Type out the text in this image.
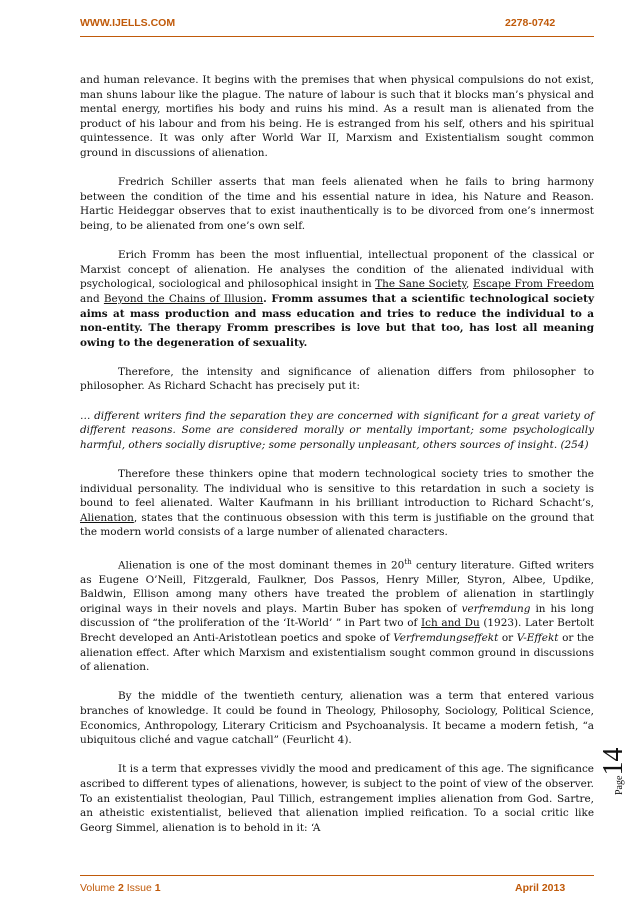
WWW.IJELLS.COM	2278-0742

and human relevance. It begins with the premises that when physical compulsions do not exist, man shuns labour like the plague. The nature of labour is such that it blocks man’s physical and mental energy, mortifies his body and ruins his mind. As a result man is alienated from the product of his labour and from his being. He is estranged from his self, others and his spiritual quintessence. It was only after World War II, Marxism and Existentialism sought common ground in discussions of alienation.

Fredrich Schiller asserts that man feels alienated when he fails to bring harmony between the condition of the time and his essential nature in idea, his Nature and Reason. Hartic Heideggar observes that to exist inauthentically is to be divorced from one’s innermost being, to be alienated from one’s own self.

Erich Fromm has been the most influential, intellectual proponent of the classical or Marxist concept of alienation. He analyses the condition of the alienated individual with psychological, sociological and philosophical insight in The Sane Society, Escape From Freedom and Beyond the Chains of Illusion. Fromm assumes that a scientific technological society aims at mass production and mass education and tries to reduce the individual to a non-entity. The therapy Fromm prescribes is love but that too, has lost all meaning owing to the degeneration of sexuality.

Therefore, the intensity and significance of alienation differs from philosopher to philosopher. As Richard Schacht has precisely put it:

… different writers find the separation they are concerned with significant for a great variety of different reasons. Some are considered morally or mentally important; some psychologically harmful, others socially disruptive; some personally unpleasant, others sources of insight. (254)

Therefore these thinkers opine that modern technological society tries to smother the individual personality. The individual who is sensitive to this retardation in such a society is bound to feel alienated. Walter Kaufmann in his brilliant introduction to Richard Schacht’s, Alienation, states that the continuous obsession with this term is justifiable on the ground that the modern world consists of a large number of alienated characters.

Alienation is one of the most dominant themes in 20th century literature. Gifted writers as Eugene O’Neill, Fitzgerald, Faulkner, Dos Passos, Henry Miller, Styron, Albee, Updike, Baldwin, Ellison among many others have treated the problem of alienation in startlingly original ways in their novels and plays. Martin Buber has spoken of verfremdung in his long discussion of “the proliferation of the ‘It-World’ ” in Part two of Ich and Du (1923). Later Bertolt Brecht developed an Anti-Aristotlean poetics and spoke of Verfremdungseffekt or V-Effekt or the alienation effect. After which Marxism and existentialism sought common ground in discussions of alienation.

By the middle of the twentieth century, alienation was a term that entered various branches of knowledge. It could be found in Theology, Philosophy, Sociology, Political Science, Economics, Anthropology, Literary Criticism and Psychoanalysis. It became a modern fetish, “a ubiquitous cliché and vague catchall” (Feurlicht 4).

It is a term that expresses vividly the mood and predicament of this age. The significance ascribed to different types of alienations, however, is subject to the point of view of the observer. To an existentialist theologian, Paul Tillich, estrangement implies alienation from God. Sartre, an atheistic existentialist, believed that alienation implied reification. To a social critic like Georg Simmel, alienation is to behold in it: ‘A

Page14
Volume 2 Issue 1	April 2013
